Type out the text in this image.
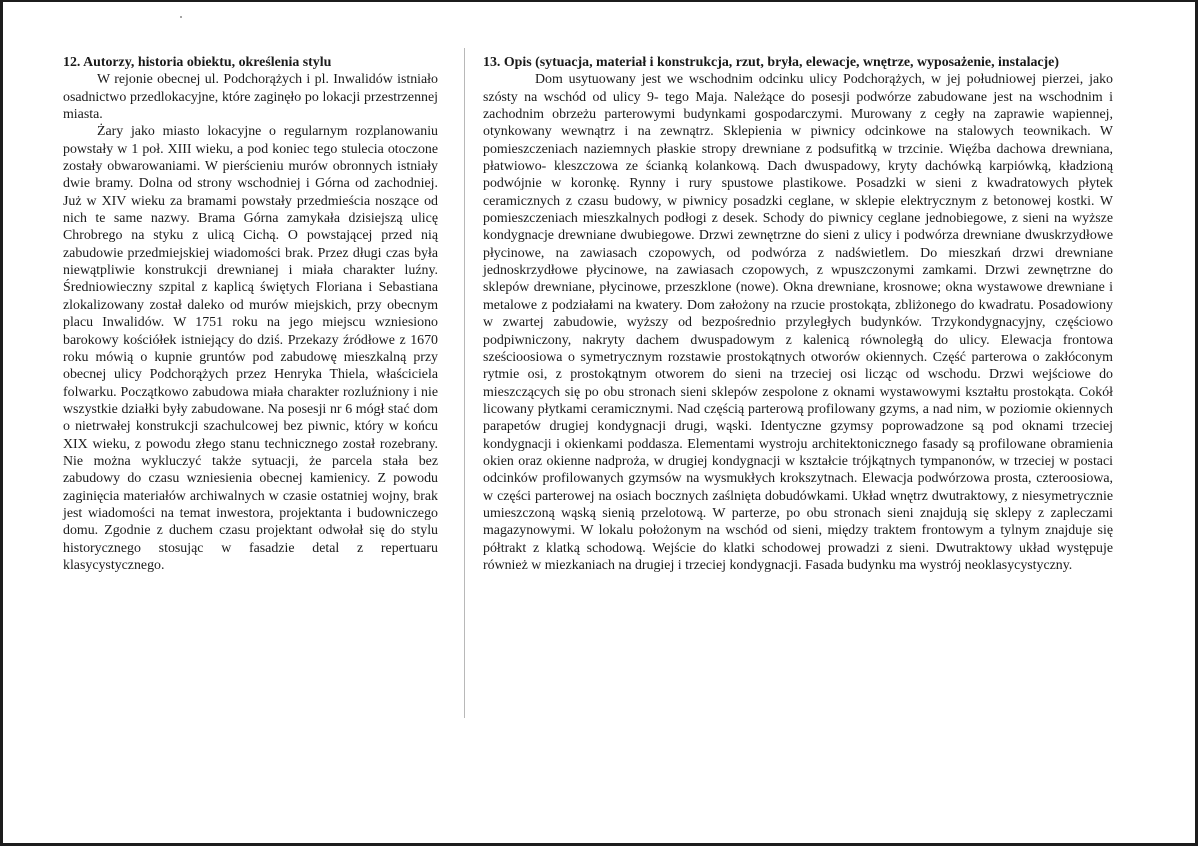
12. Autorzy, historia obiektu, określenia stylu

W rejonie obecnej ul. Podchorążych i pl. Inwalidów istniało osadnictwo przedlokacyjne, które zaginęło po lokacji przestrzennej miasta.

Żary jako miasto lokacyjne o regularnym rozplanowaniu powstały w 1 poł. XIII wieku, a pod koniec tego stulecia otoczone zostały obwarowaniami. W pierścieniu murów obronnych istniały dwie bramy. Dolna od strony wschodniej i Górna od zachodniej. Już w XIV wieku za bramami powstały przedmieścia noszące od nich te same nazwy. Brama Górna zamykała dzisiejszą ulicę Chrobrego na styku z ulicą Cichą. O powstającej przed nią zabudowie przedmiejskiej wiadomości brak. Przez długi czas była niewątpliwie konstrukcji drewnianej i miała charakter luźny. Średniowieczny szpital z kaplicą świętych Floriana i Sebastiana zlokalizowany został daleko od murów miejskich, przy obecnym placu Inwalidów. W 1751 roku na jego miejscu wzniesiono barokowy kościółek istniejący do dziś. Przekazy źródłowe z 1670 roku mówią o kupnie gruntów pod zabudowę mieszkalną przy obecnej ulicy Podchorążych przez Henryka Thiela, właściciela folwarku. Początkowo zabudowa miała charakter rozluźniony i nie wszystkie działki były zabudowane. Na posesji nr 6 mógł stać dom o nietrwałej konstrukcji szachulcowej bez piwnic, który w końcu XIX wieku, z powodu złego stanu technicznego został rozebrany. Nie można wykluczyć także sytuacji, że parcela stała bez zabudowy do czasu wzniesienia obecnej kamienicy. Z powodu zaginięcia materiałów archiwalnych w czasie ostatniej wojny, brak jest wiadomości na temat inwestora, projektanta i budowniczego domu. Zgodnie z duchem czasu projektant odwołał się do stylu historycznego stosując w fasadzie detal z repertuaru klasycystycznego.

13. Opis (sytuacja, materiał i konstrukcja, rzut, bryła, elewacje, wnętrze, wyposażenie, instalacje)

Dom usytuowany jest we wschodnim odcinku ulicy Podchorążych, w jej południowej pierzei, jako szósty na wschód od ulicy 9- tego Maja. Należące do posesji podwórze zabudowane jest na wschodnim i zachodnim obrzeżu parterowymi budynkami gospodarczymi. Murowany z cegły na zaprawie wapiennej, otynkowany wewnątrz i na zewnątrz. Sklepienia w piwnicy odcinkowe na stalowych teownikach. W pomieszczeniach naziemnych płaskie stropy drewniane z podsufitką w trzcinie. Więźba dachowa drewniana, płatwiowo- kleszczowa ze ścianką kolankową. Dach dwuspadowy, kryty dachówką karpiówką, kładzioną podwójnie w koronkę. Rynny i rury spustowe plastikowe. Posadzki w sieni z kwadratowych płytek ceramicznych z czasu budowy, w piwnicy posadzki ceglane, w sklepie elektrycznym z betonowej kostki. W pomieszczeniach mieszkalnych podłogi z desek. Schody do piwnicy ceglane jednobiegowe, z sieni na wyższe kondygnacje drewniane dwubiegowe. Drzwi zewnętrzne do sieni z ulicy i podwórza drewniane dwuskrzydłowe płycinowe, na zawiasach czopowych, od podwórza z nadświetlem. Do mieszkań drzwi drewniane jednoskrzydłowe płycinowe, na zawiasach czopowych, z wpuszczonymi zamkami. Drzwi zewnętrzne do sklepów drewniane, płycinowe, przeszklone (nowe). Okna drewniane, krosnowe; okna wystawowe drewniane i metalowe z podziałami na kwatery. Dom założony na rzucie prostokąta, zbliżonego do kwadratu. Posadowiony w zwartej zabudowie, wyższy od bezpośrednio przyległych budynków. Trzykondygnacyjny, częściowo podpiwniczony, nakryty dachem dwuspadowym z kalenicą równoległą do ulicy. Elewacja frontowa sześcioosiowa o symetrycznym rozstawie prostokątnych otworów okiennych. Część parterowa o zakłóconym rytmie osi, z prostokątnym otworem do sieni na trzeciej osi licząc od wschodu. Drzwi wejściowe do mieszczących się po obu stronach sieni sklepów zespolone z oknami wystawowymi kształtu prostokąta. Cokół licowany płytkami ceramicznymi. Nad częścią parterową profilowany gzyms, a nad nim, w poziomie okiennych parapetów drugiej kondygnacji drugi, wąski. Identyczne gzymsy poprowadzone są pod oknami trzeciej kondygnacji i okienkami poddasza. Elementami wystroju architektonicznego fasady są profilowane obramienia okien oraz okienne nadproża, w drugiej kondygnacji w kształcie trójkątnych tympanonów, w trzeciej w postaci odcinków profilowanych gzymsów na wysmukłych krokszytnach. Elewacja podwórzowa prosta, czteroosiowa, w części parterowej na osiach bocznych zaślnięta dobudówkami. Układ wnętrz dwutraktowy, z niesymetrycznie umieszczoną wąską sienią przelotową. W parterze, po obu stronach sieni znajdują się sklepy z zapleczami magazynowymi. W lokalu położonym na wschód od sieni, między traktem frontowym a tylnym znajduje się półtrakt z klatką schodową. Wejście do klatki schodowej prowadzi z sieni. Dwutraktowy układ występuje również w miezkaniach na drugiej i trzeciej kondygnacji. Fasada budynku ma wystrój neoklasycystyczny.
